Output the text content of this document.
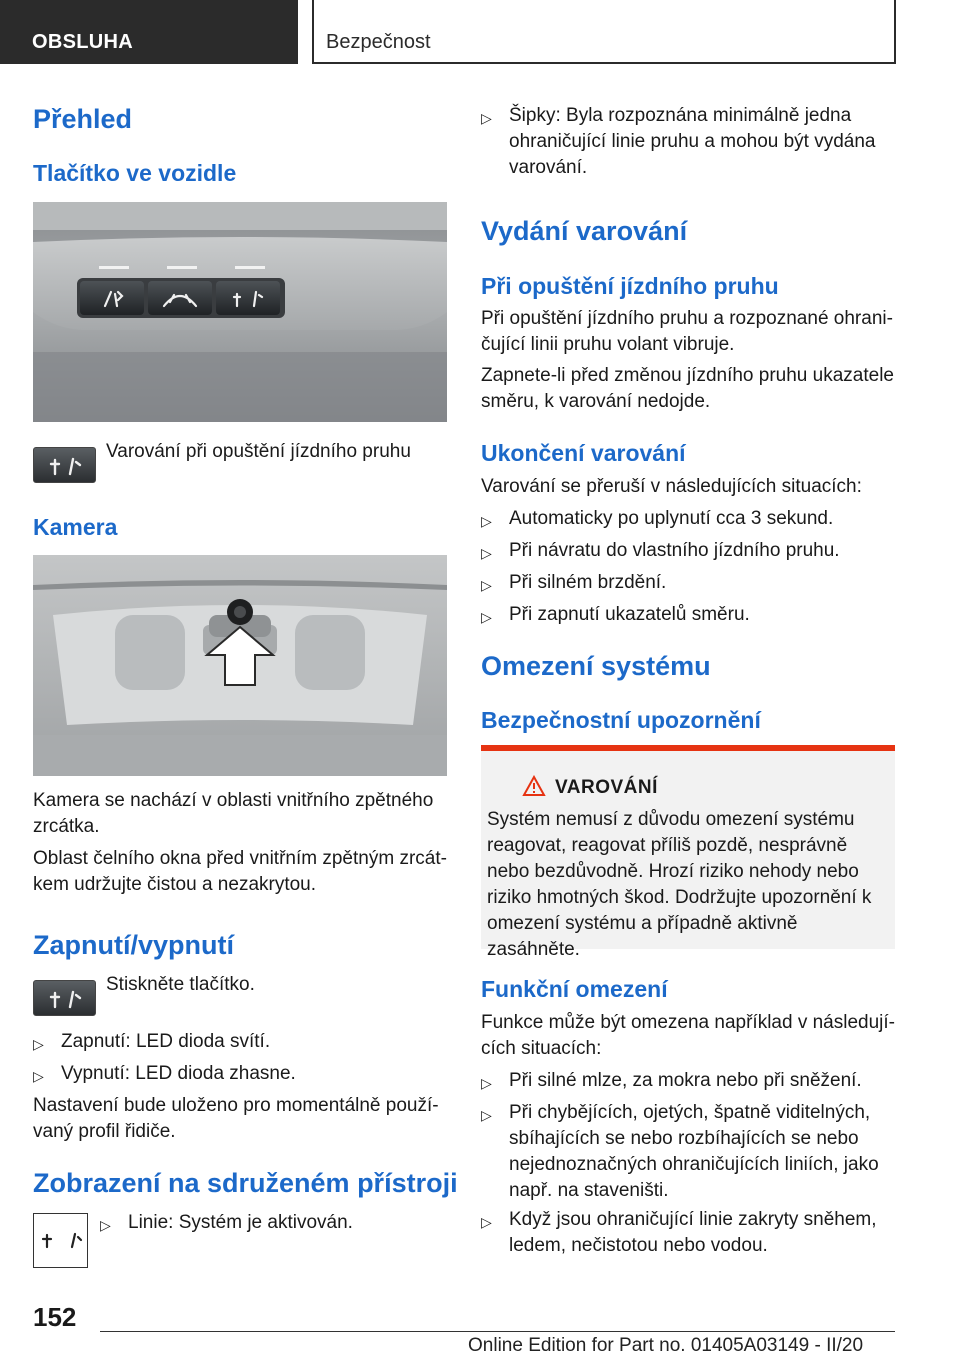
OBSLUHA	Bezpečnost
Přehled
Tlačítko ve vozidle
Varování při opuštění jízdního pruhu
Kamera
Kamera se nachází v oblasti vnitřního zpětného zrcátka.
Oblast čelního okna před vnitřním zpětným zrcátkem udržujte čistou a nezakrytou.
Zapnutí/vypnutí
Stiskněte tlačítko.
▷ Zapnutí: LED dioda svítí.
▷ Vypnutí: LED dioda zhasne.
Nastavení bude uloženo pro momentálně používaný profil řidiče.
Zobrazení na sdruženém přístroji
▷ Linie: Systém je aktivován.
▷ Šipky: Byla rozpoznána minimálně jedna ohraničující linie pruhu a mohou být vydána varování.
Vydání varování
Při opuštění jízdního pruhu
Při opuštění jízdního pruhu a rozpoznané ohraničující linii pruhu volant vibruje.
Zapnete-li před změnou jízdního pruhu ukazatele směru, k varování nedojde.
Ukončení varování
Varování se přeruší v následujících situacích:
▷ Automaticky po uplynutí cca 3 sekund.
▷ Při návratu do vlastního jízdního pruhu.
▷ Při silném brzdění.
▷ Při zapnutí ukazatelů směru.
Omezení systému
Bezpečnostní upozornění
VAROVÁNÍ
Systém nemusí z důvodu omezení systému reagovat, reagovat příliš pozdě, nesprávně nebo bezdůvodně. Hrozí riziko nehody nebo riziko hmotných škod. Dodržujte upozornění k omezení systému a případně aktivně zasáhněte.
Funkční omezení
Funkce může být omezena například v následujících situacích:
▷ Při silné mlze, za mokra nebo při sněžení.
▷ Při chybějících, ojetých, špatně viditelných, sbíhajících se nebo rozbíhajících se nebo nejednoznačných ohraničujících liniích, jako např. na staveništi.
▷ Když jsou ohraničující linie zakryty sněhem, ledem, nečistotou nebo vodou.
152
Online Edition for Part no. 01405A03149 - II/20
